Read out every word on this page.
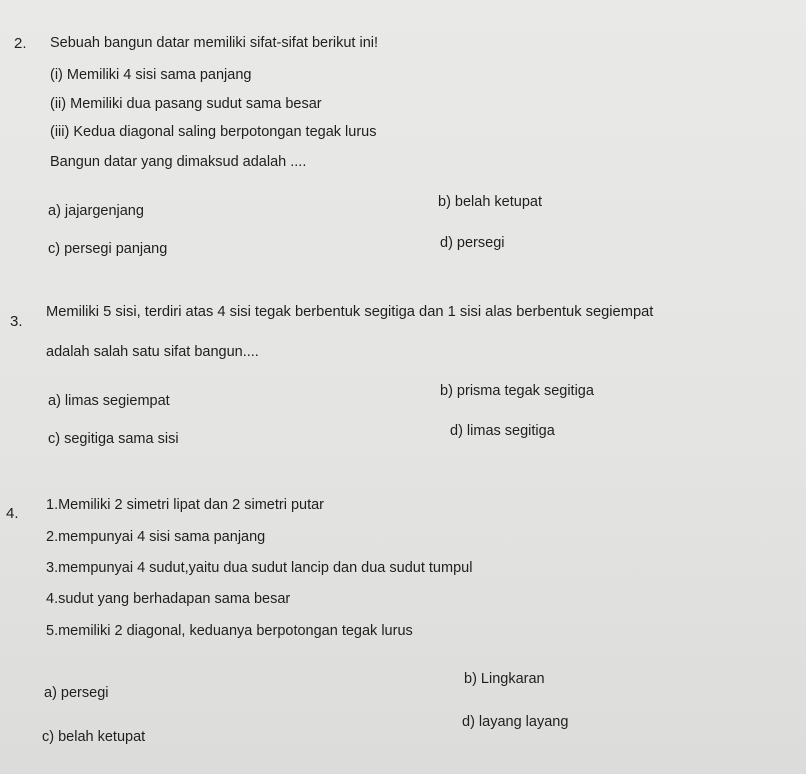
2. Sebuah bangun datar memiliki sifat-sifat berikut ini!
(i) Memiliki 4 sisi sama panjang
(ii) Memiliki dua pasang sudut sama besar
(iii) Kedua diagonal saling berpotongan tegak lurus
Bangun datar yang dimaksud adalah ....
a) jajargenjang
b) belah ketupat
c) persegi panjang	d) persegi
3.
Memiliki 5 sisi, terdiri atas 4 sisi tegak berbentuk segitiga dan 1 sisi alas berbentuk segiempat
adalah salah satu sifat bangun....
a) limas segiempat
b) prisma tegak segitiga
c) segitiga sama sisi	d) limas segitiga
4. 1.Memiliki 2 simetri lipat dan 2 simetri putar
2.mempunyai 4 sisi sama panjang
3.mempunyai 4 sudut,yaitu dua sudut lancip dan dua sudut tumpul
4.sudut yang berhadapan sama besar
5.memiliki 2 diagonal, keduanya berpotongan tegak lurus
a) persegi
b) Lingkaran
c) belah ketupat
d) layang layang
